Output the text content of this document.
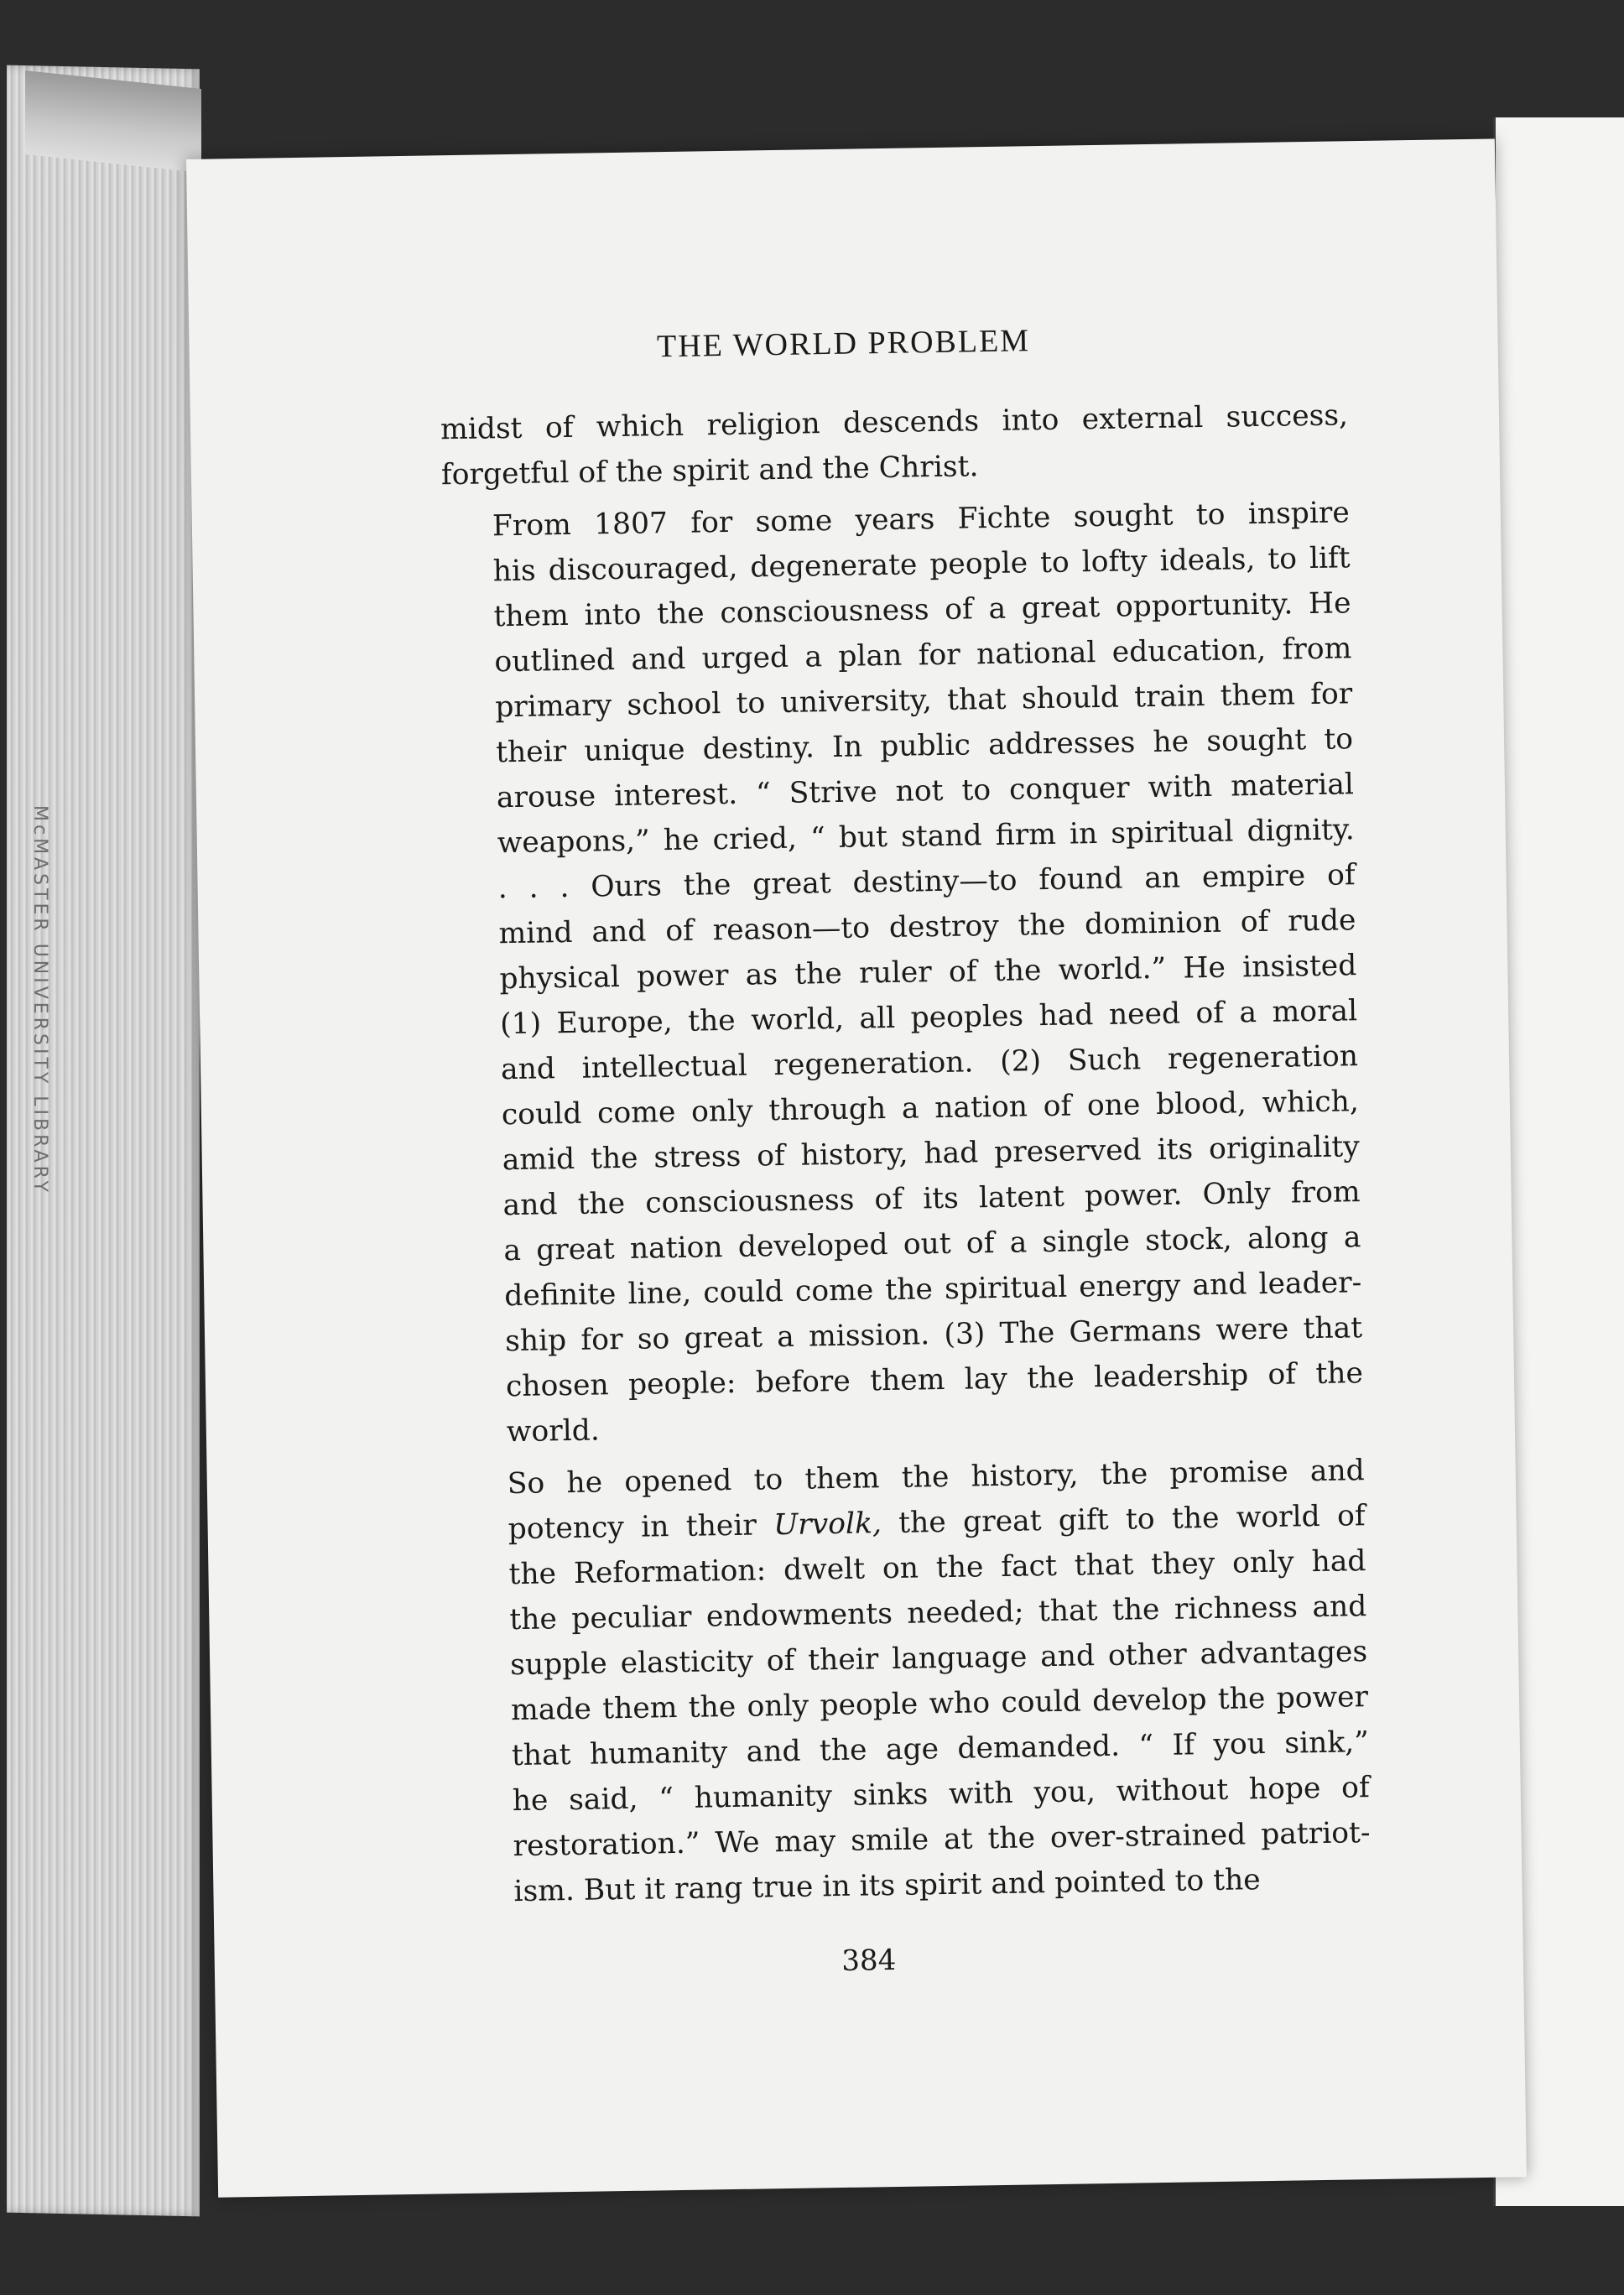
McMASTER UNIVERSITY LIBRARY
THE WORLD PROBLEM
midst of which religion descends into external success,
forgetful of the spirit and the Christ.
From 1807 for some years Fichte sought to inspire
his discouraged, degenerate people to lofty ideals, to lift
them into the consciousness of a great opportunity. He
outlined and urged a plan for national education, from
primary school to university, that should train them for
their unique destiny. In public addresses he sought to
arouse interest. “ Strive not to conquer with material
weapons,” he cried, “ but stand firm in spiritual dignity.
. . . Ours the great destiny—to found an empire of
mind and of reason—to destroy the dominion of rude
physical power as the ruler of the world.” He insisted
(1) Europe, the world, all peoples had need of a moral
and intellectual regeneration. (2) Such regeneration
could come only through a nation of one blood, which,
amid the stress of history, had preserved its originality
and the consciousness of its latent power. Only from
a great nation developed out of a single stock, along a
definite line, could come the spiritual energy and leader-
ship for so great a mission. (3) The Germans were that
chosen people: before them lay the leadership of the
world.
So he opened to them the history, the promise and
potency in their Urvolk, the great gift to the world of
the Reformation: dwelt on the fact that they only had
the peculiar endowments needed; that the richness and
supple elasticity of their language and other advantages
made them the only people who could develop the power
that humanity and the age demanded. “ If you sink,”
he said, “ humanity sinks with you, without hope of
restoration.” We may smile at the over-strained patriot-
ism. But it rang true in its spirit and pointed to the
384
